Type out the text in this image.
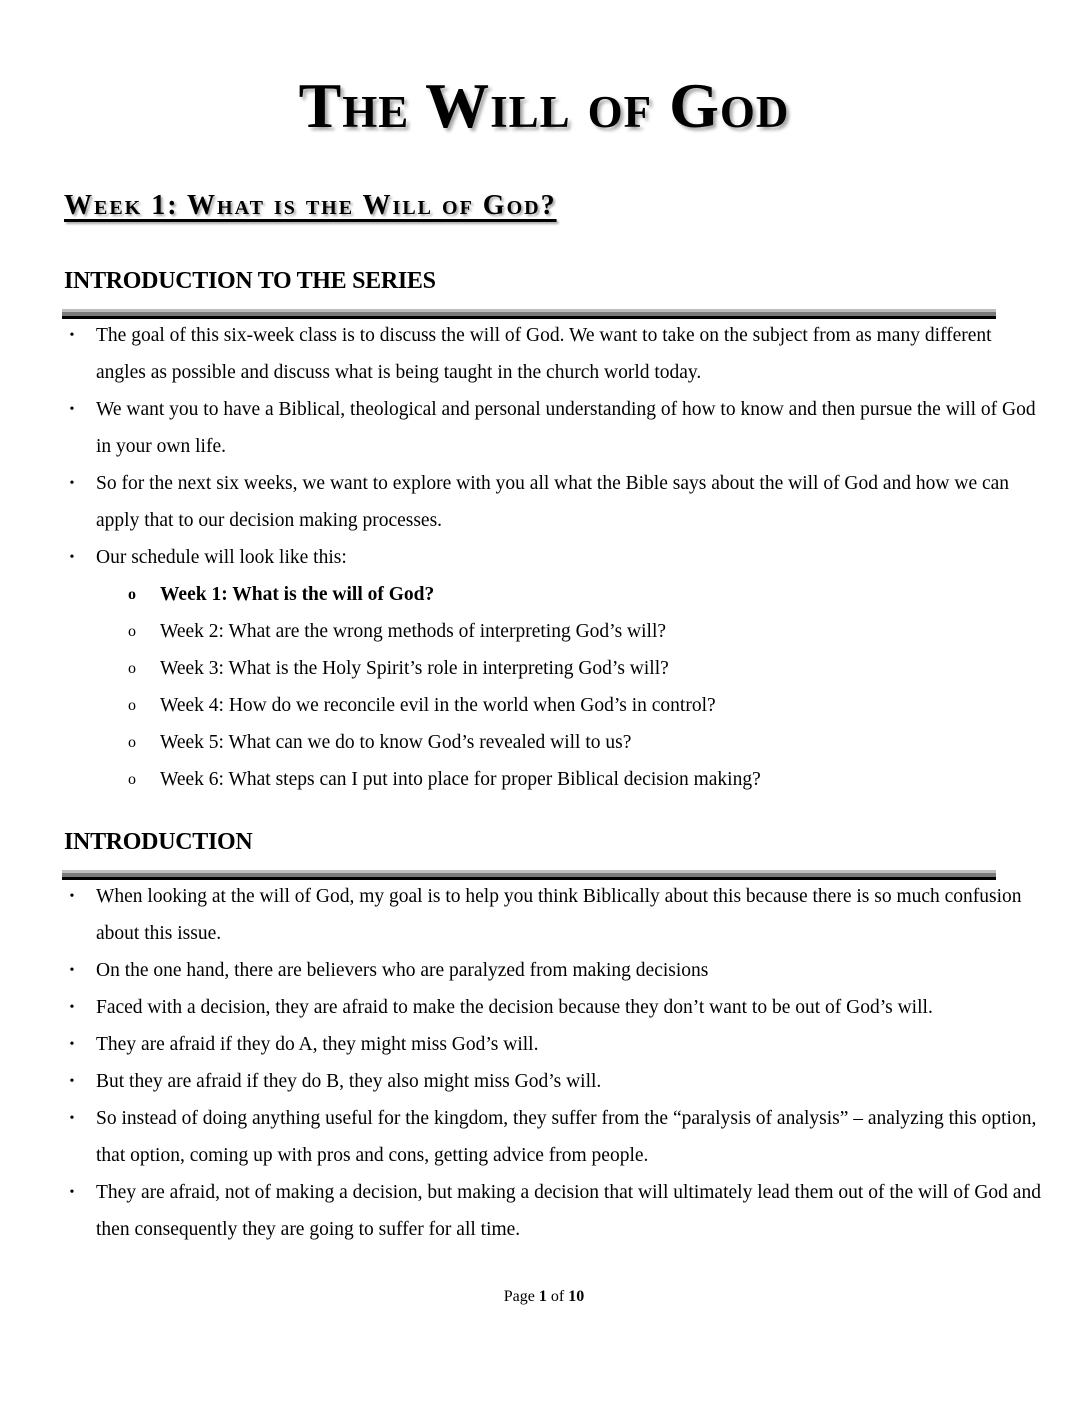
The Will of God
Week 1: What is the Will of God?
INTRODUCTION TO THE SERIES
• The goal of this six-week class is to discuss the will of God. We want to take on the subject from as many different angles as possible and discuss what is being taught in the church world today.
• We want you to have a Biblical, theological and personal understanding of how to know and then pursue the will of God in your own life.
• So for the next six weeks, we want to explore with you all what the Bible says about the will of God and how we can apply that to our decision making processes.
• Our schedule will look like this:
o Week 1: What is the will of God?
o Week 2: What are the wrong methods of interpreting God’s will?
o Week 3: What is the Holy Spirit’s role in interpreting God’s will?
o Week 4: How do we reconcile evil in the world when God’s in control?
o Week 5: What can we do to know God’s revealed will to us?
o Week 6: What steps can I put into place for proper Biblical decision making?
INTRODUCTION
• When looking at the will of God, my goal is to help you think Biblically about this because there is so much confusion about this issue.
• On the one hand, there are believers who are paralyzed from making decisions
• Faced with a decision, they are afraid to make the decision because they don’t want to be out of God’s will.
• They are afraid if they do A, they might miss God’s will.
• But they are afraid if they do B, they also might miss God’s will.
• So instead of doing anything useful for the kingdom, they suffer from the “paralysis of analysis” – analyzing this option, that option, coming up with pros and cons, getting advice from people.
• They are afraid, not of making a decision, but making a decision that will ultimately lead them out of the will of God and then consequently they are going to suffer for all time.
Page 1 of 10
